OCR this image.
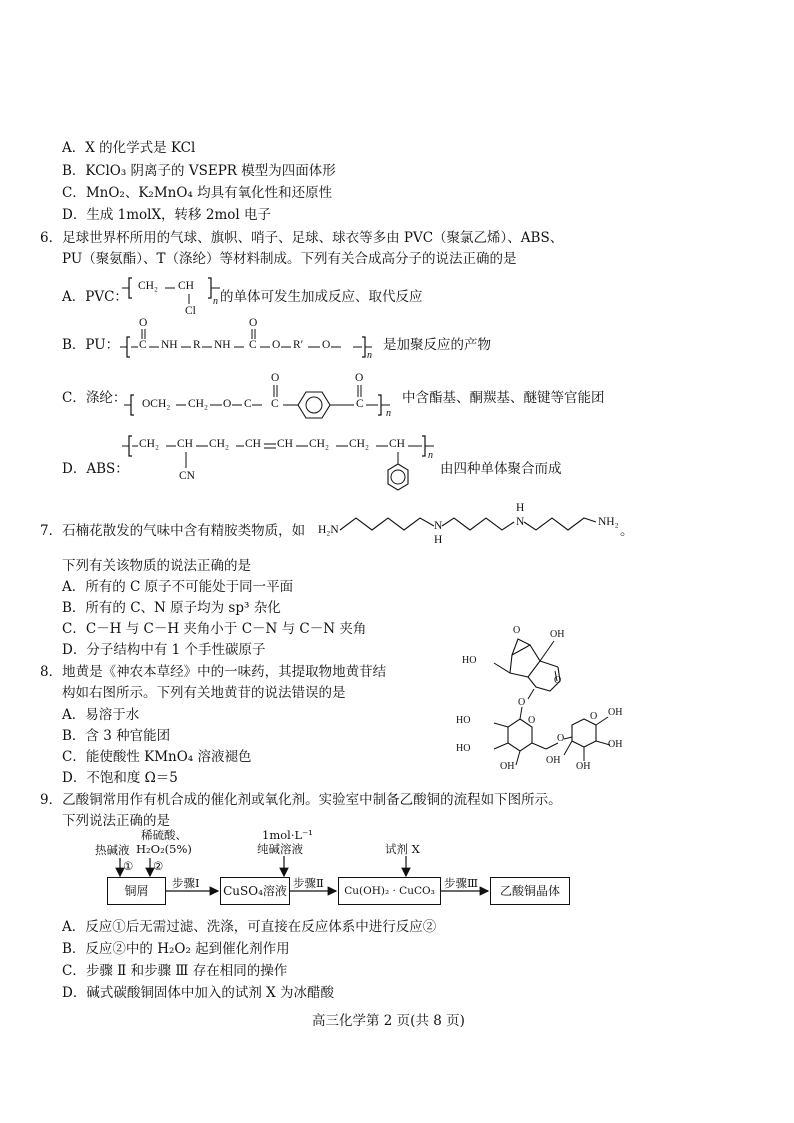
A．X 的化学式是 KCl
B．KClO₃ 阴离子的 VSEPR 模型为四面体形
C．MnO₂、K₂MnO₄ 均具有氧化性和还原性
D．生成 1molX，转移 2mol 电子
6．足球世界杯所用的气球、旗帜、哨子、足球、球衣等多由 PVC（聚氯乙烯）、ABS、
PU（聚氨酯）、T（涤纶）等材料制成。下列有关合成高分子的说法正确的是
A．PVC：
CH₂ CH
Cl
n 的单体可发生加成反应、取代反应
B．PU：
O
C NH R NH
O
C O R′ O
n
是加聚反应的产物
C．涤纶： OCH₂ CH₂ O C
O
C
O
C
n
中含酯基、酮羰基、醚键等官能团
D．ABS：
CH₂ CH CH₂ CH CH CH₂ CH₂ CH
CN
n
由四种单体聚合而成
7．石楠花散发的气味中含有精胺类物质，如 H₂N	N
H
N
H
NH₂
。
下列有关该物质的说法正确的是
A．所有的 C 原子不可能处于同一平面
B．所有的 C、N 原子均为 sp³ 杂化
C．C－H 与 C－H 夹角小于 C－N 与 C－N 夹角
D．分子结构中有 1 个手性碳原子
8．地黄是《神农本草经》中的一味药，其提取物地黄苷结
构如右图所示。下列有关地黄苷的说法错误的是
A．易溶于水
B．含 3 种官能团
C．能使酸性 KMnO₄ 溶液褪色
D．不饱和度 Ω＝5
O	OH
HO
O
O
O
HO
HO
OH
O
O OH
OH
OH
OH
9．乙酸铜常用作有机合成的催化剂或氧化剂。实验室中制备乙酸铜的流程如下图所示。
下列说法正确的是
热碱液
稀硫酸、
H₂O₂(5%)
① ②
1mol·L⁻¹
纯碱溶液	试剂 X
铜屑
步骤Ⅰ
CuSO₄溶液
步骤Ⅱ
Cu(OH)₂ · CuCO₃
步骤Ⅲ
乙酸铜晶体
A．反应①后无需过滤、洗涤，可直接在反应体系中进行反应②
B．反应②中的 H₂O₂ 起到催化剂作用
C．步骤 Ⅱ 和步骤 Ⅲ 存在相同的操作
D．碱式碳酸铜固体中加入的试剂 X 为冰醋酸
高三化学第 2 页(共 8 页)
